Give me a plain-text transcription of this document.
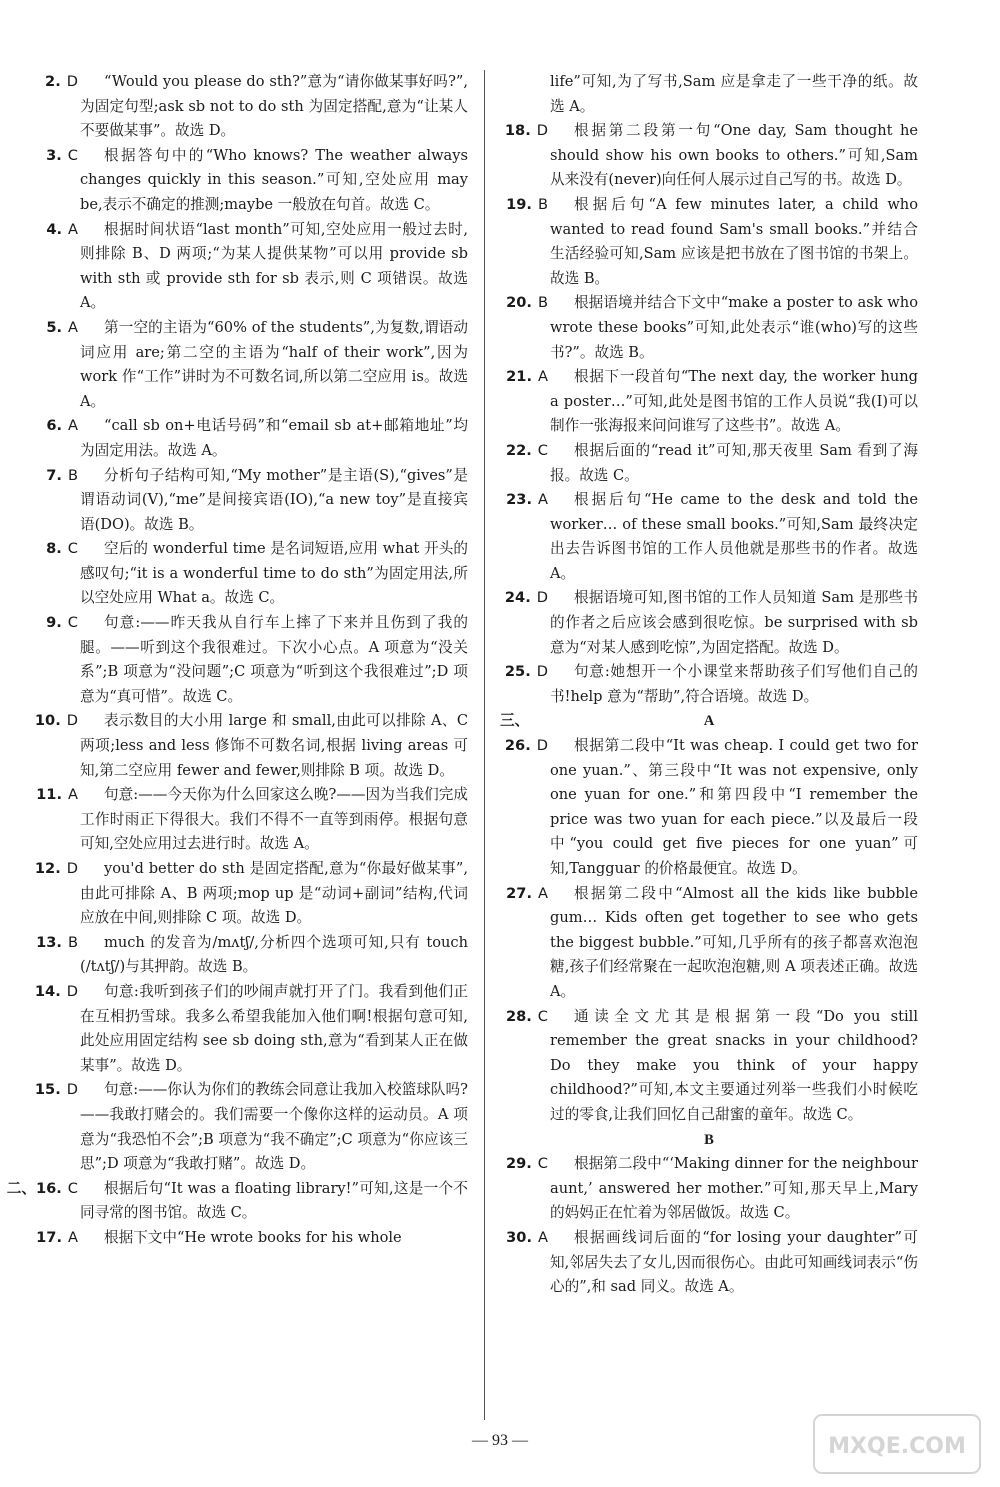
2. D	“Would you please do sth?”意为“请你做某事好吗?”,为固定句型;ask sb not to do sth 为固定搭配,意为“让某人不要做某事”。故选 D。

3. C	根据答句中的“Who knows? The weather always changes quickly in this season.”可知,空处应用 may be,表示不确定的推测;maybe 一般放在句首。故选 C。

4. A	根据时间状语“last month”可知,空处应用一般过去时,则排除 B、D 两项;“为某人提供某物”可以用 provide sb with sth 或 provide sth for sb 表示,则 C 项错误。故选 A。

5. A	第一空的主语为“60% of the students”,为复数,谓语动词应用 are;第二空的主语为“half of their work”,因为 work 作“工作”讲时为不可数名词,所以第二空应用 is。故选 A。

6. A	“call sb on+电话号码”和“email sb at+邮箱地址”均为固定用法。故选 A。

7. B	分析句子结构可知,“My mother”是主语(S),“gives”是谓语动词(V),“me”是间接宾语(IO),“a new toy”是直接宾语(DO)。故选 B。

8. C	空后的 wonderful time 是名词短语,应用 what 开头的感叹句;“it is a wonderful time to do sth”为固定用法,所以空处应用 What a。故选 C。

9. C	句意:——昨天我从自行车上摔了下来并且伤到了我的腿。——听到这个我很难过。下次小心点。A 项意为“没关系”;B 项意为“没问题”;C 项意为“听到这个我很难过”;D 项意为“真可惜”。故选 C。

10. D	表示数目的大小用 large 和 small,由此可以排除 A、C 两项;less and less 修饰不可数名词,根据 living areas 可知,第二空应用 fewer and fewer,则排除 B 项。故选 D。

11. A	句意:——今天你为什么回家这么晚?——因为当我们完成工作时雨正下得很大。我们不得不一直等到雨停。根据句意可知,空处应用过去进行时。故选 A。

12. D	you'd better do sth 是固定搭配,意为“你最好做某事”,由此可排除 A、B 两项;mop up 是“动词+副词”结构,代词应放在中间,则排除 C 项。故选 D。

13. B	much 的发音为/mʌtʃ/,分析四个选项可知,只有 touch (/tʌtʃ/)与其押韵。故选 B。

14. D	句意:我听到孩子们的吵闹声就打开了门。我看到他们正在互相扔雪球。我多么希望我能加入他们啊!根据句意可知,此处应用固定结构 see sb doing sth,意为“看到某人正在做某事”。故选 D。

15. D	句意:——你认为你们的教练会同意让我加入校篮球队吗?——我敢打赌会的。我们需要一个像你这样的运动员。A 项意为“我恐怕不会”;B 项意为“我不确定”;C 项意为“你应该三思”;D 项意为“我敢打赌”。故选 D。

二、16. C	根据后句“It was a floating library!”可知,这是一个不同寻常的图书馆。故选 C。

17. A	根据下文中“He wrote books for his whole

life”可知,为了写书,Sam 应是拿走了一些干净的纸。故选 A。

18. D	根据第二段第一句“One day, Sam thought he should show his own books to others.”可知,Sam 从来没有(never)向任何人展示过自己写的书。故选 D。

19. B	根据后句“A few minutes later, a child who wanted to read found Sam's small books.”并结合生活经验可知,Sam 应该是把书放在了图书馆的书架上。故选 B。

20. B	根据语境并结合下文中“make a poster to ask who wrote these books”可知,此处表示“谁(who)写的这些书?”。故选 B。

21. A	根据下一段首句“The next day, the worker hung a poster…”可知,此处是图书馆的工作人员说“我(I)可以制作一张海报来问问谁写了这些书”。故选 A。

22. C	根据后面的“read it”可知,那天夜里 Sam 看到了海报。故选 C。

23. A	根据后句“He came to the desk and told the worker… of these small books.”可知,Sam 最终决定出去告诉图书馆的工作人员他就是那些书的作者。故选 A。

24. D	根据语境可知,图书馆的工作人员知道 Sam 是那些书的作者之后应该会感到很吃惊。be surprised with sb 意为“对某人感到吃惊”,为固定搭配。故选 D。

25. D	句意:她想开一个小课堂来帮助孩子们写他们自己的书!help 意为“帮助”,符合语境。故选 D。

三、	A

26. D	根据第二段中“It was cheap. I could get two for one yuan.”、第三段中“It was not expensive, only one yuan for one.”和第四段中“I remember the price was two yuan for each piece.”以及最后一段中“you could get five pieces for one yuan”可知,Tangguar 的价格最便宜。故选 D。

27. A	根据第二段中“Almost all the kids like bubble gum… Kids often get together to see who gets the biggest bubble.”可知,几乎所有的孩子都喜欢泡泡糖,孩子们经常聚在一起吹泡泡糖,则 A 项表述正确。故选 A。

28. C	通读全文尤其是根据第一段“Do you still remember the great snacks in your childhood? Do they make you think of your happy childhood?”可知,本文主要通过列举一些我们小时候吃过的零食,让我们回忆自己甜蜜的童年。故选 C。

B

29. C	根据第二段中“‘Making dinner for the neighbour aunt,’ answered her mother.”可知,那天早上,Mary 的妈妈正在忙着为邻居做饭。故选 C。

30. A	根据画线词后面的“for losing your daughter”可知,邻居失去了女儿,因而很伤心。由此可知画线词表示“伤心的”,和 sad 同义。故选 A。

— 93 —	MXQE.COM
